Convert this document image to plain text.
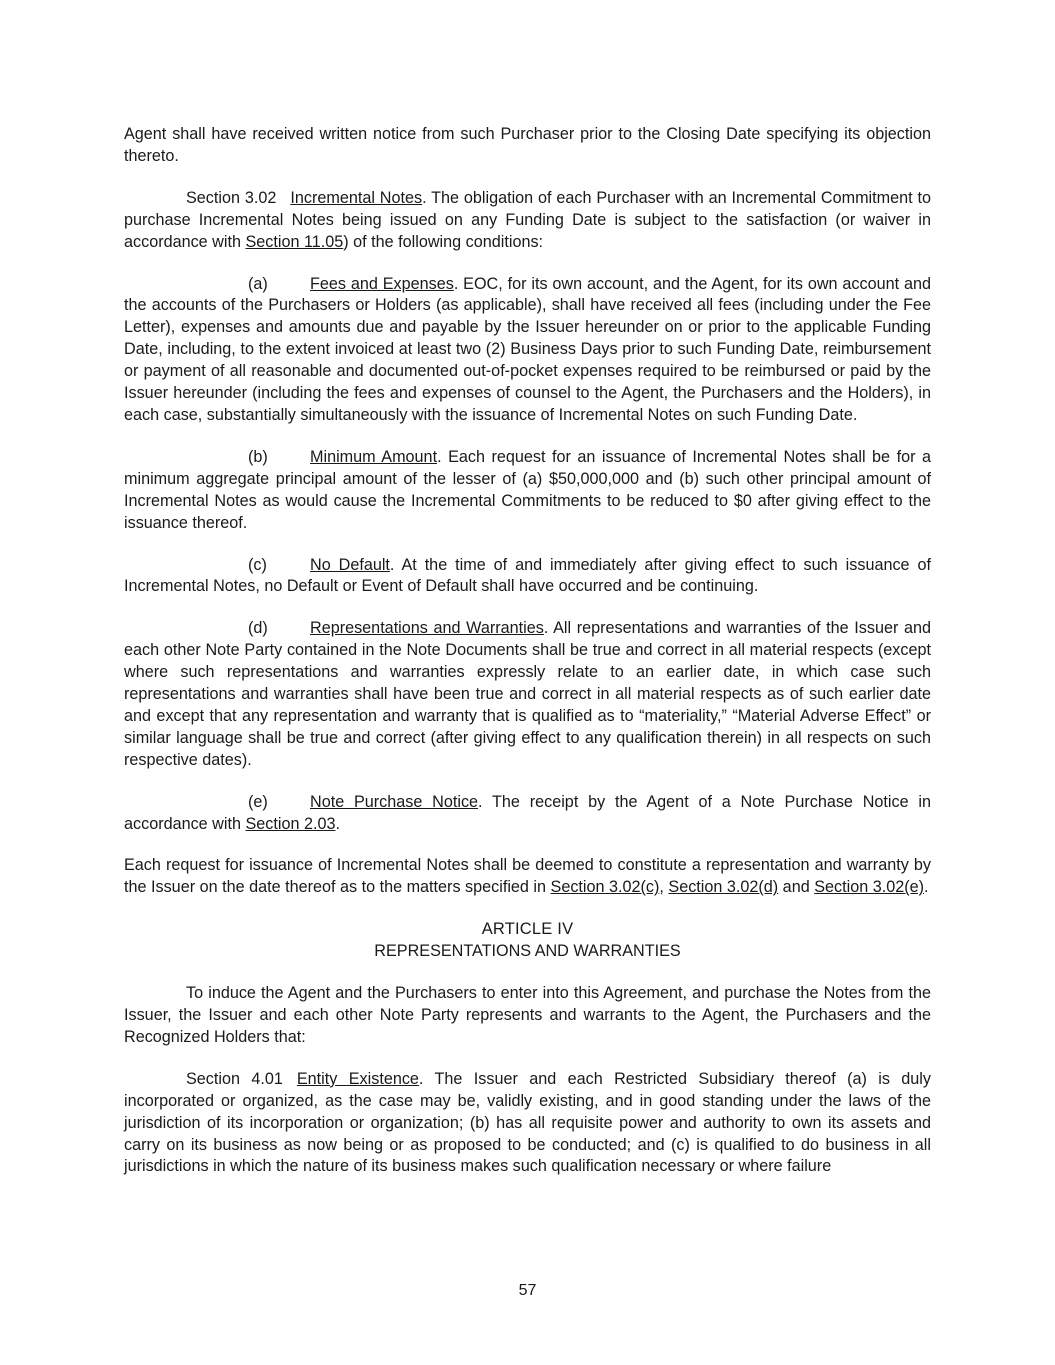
Agent shall have received written notice from such Purchaser prior to the Closing Date specifying its objection thereto.

Section 3.02 Incremental Notes. The obligation of each Purchaser with an Incremental Commitment to purchase Incremental Notes being issued on any Funding Date is subject to the satisfaction (or waiver in accordance with Section 11.05) of the following conditions:

(a)	Fees and Expenses. EOC, for its own account, and the Agent, for its own account and the accounts of the Purchasers or Holders (as applicable), shall have received all fees (including under the Fee Letter), expenses and amounts due and payable by the Issuer hereunder on or prior to the applicable Funding Date, including, to the extent invoiced at least two (2) Business Days prior to such Funding Date, reimbursement or payment of all reasonable and documented out-of-pocket expenses required to be reimbursed or paid by the Issuer hereunder (including the fees and expenses of counsel to the Agent, the Purchasers and the Holders), in each case, substantially simultaneously with the issuance of Incremental Notes on such Funding Date.

(b)	Minimum Amount. Each request for an issuance of Incremental Notes shall be for a minimum aggregate principal amount of the lesser of (a) $50,000,000 and (b) such other principal amount of Incremental Notes as would cause the Incremental Commitments to be reduced to $0 after giving effect to the issuance thereof.

(c)	No Default. At the time of and immediately after giving effect to such issuance of Incremental Notes, no Default or Event of Default shall have occurred and be continuing.

(d)	Representations and Warranties. All representations and warranties of the Issuer and each other Note Party contained in the Note Documents shall be true and correct in all material respects (except where such representations and warranties expressly relate to an earlier date, in which case such representations and warranties shall have been true and correct in all material respects as of such earlier date and except that any representation and warranty that is qualified as to “materiality,” “Material Adverse Effect” or similar language shall be true and correct (after giving effect to any qualification therein) in all respects on such respective dates).

(e)	Note Purchase Notice. The receipt by the Agent of a Note Purchase Notice in accordance with Section 2.03.

Each request for issuance of Incremental Notes shall be deemed to constitute a representation and warranty by the Issuer on the date thereof as to the matters specified in Section 3.02(c), Section 3.02(d) and Section 3.02(e).

ARTICLE IV
REPRESENTATIONS AND WARRANTIES

To induce the Agent and the Purchasers to enter into this Agreement, and purchase the Notes from the Issuer, the Issuer and each other Note Party represents and warrants to the Agent, the Purchasers and the Recognized Holders that:

Section 4.01 Entity Existence. The Issuer and each Restricted Subsidiary thereof (a) is duly incorporated or organized, as the case may be, validly existing, and in good standing under the laws of the jurisdiction of its incorporation or organization; (b) has all requisite power and authority to own its assets and carry on its business as now being or as proposed to be conducted; and (c) is qualified to do business in all jurisdictions in which the nature of its business makes such qualification necessary or where failure

57
